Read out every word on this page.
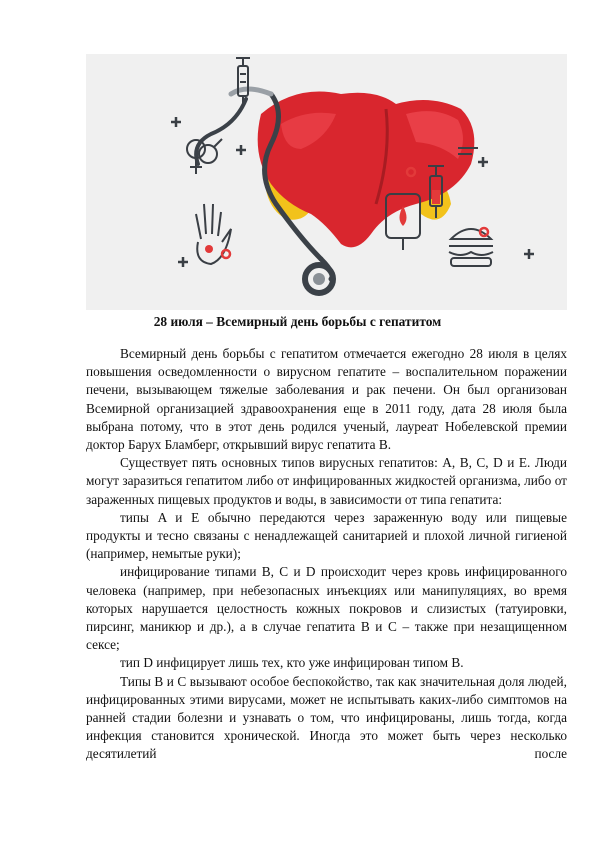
28 июля – Всемирный день борьбы с гепатитом

Всемирный день борьбы с гепатитом отмечается ежегодно 28 июля в целях повышения осведомленности о вирусном гепатите – воспалительном поражении печени, вызывающем тяжелые заболевания и рак печени. Он был организован Всемирной организацией здравоохранения еще в 2011 году, дата 28 июля была выбрана потому, что в этот день родился ученый, лауреат Нобелевской премии доктор Барух Бламберг, открывший вирус гепатита В.

Существует пять основных типов вирусных гепатитов: A, B, C, D и E. Люди могут заразиться гепатитом либо от инфицированных жидкостей организма, либо от зараженных пищевых продуктов и воды, в зависимости от типа гепатита:

типы A и E обычно передаются через зараженную воду или пищевые продукты и тесно связаны с ненадлежащей санитарией и плохой личной гигиеной (например, немытые руки);

инфицирование типами B, C и D происходит через кровь инфицированного человека (например, при небезопасных инъекциях или манипуляциях, во время которых нарушается целостность кожных покровов и слизистых (татуировки, пирсинг, маникюр и др.), а в случае гепатита B и C – также при незащищенном сексе;

тип D инфицирует лишь тех, кто уже инфицирован типом B.

Типы B и C вызывают особое беспокойство, так как значительная доля людей, инфицированных этими вирусами, может не испытывать каких-либо симптомов на ранней стадии болезни и узнавать о том, что инфицированы, лишь тогда, когда инфекция становится хронической. Иногда это может быть через несколько десятилетий после
